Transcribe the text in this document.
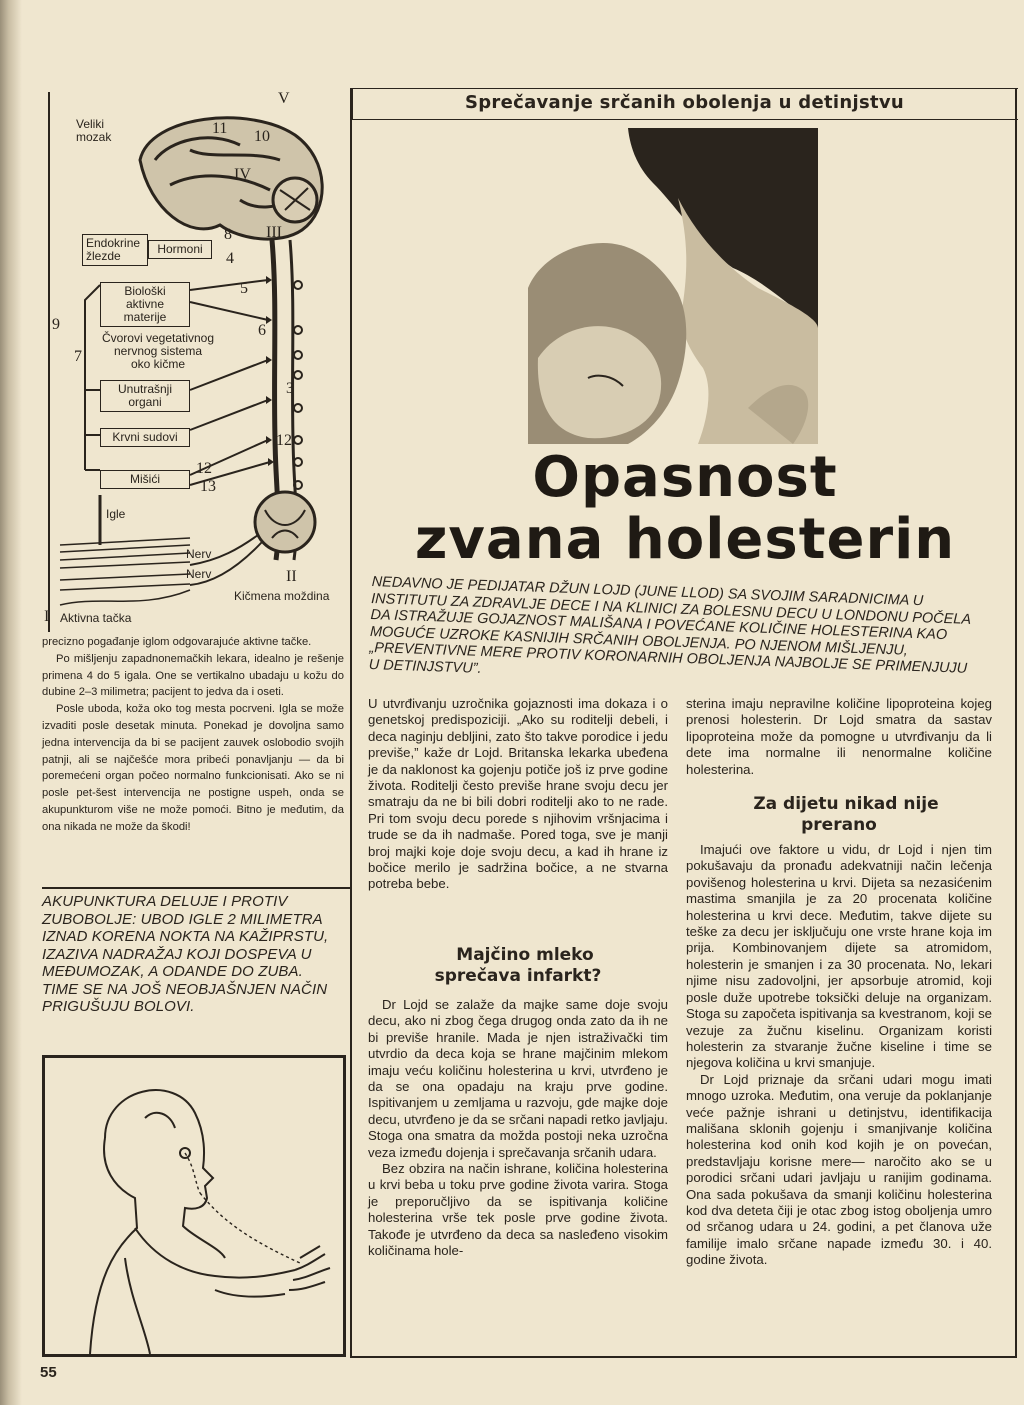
Veliki
mozak
Endokrine
žlezde	Hormoni
Biološki
aktivne
materije
Čvorovi vegetativnog
nervnog sistema
oko kičme
Unutrašnji
organi
Krvni sudovi
Mišići
Igle
Nerv
Nerv
Kičmena moždina
Aktivna tačka
V
11 10
IV
III
8
4
5
9	6
7
3
12
12
13
II
I

precizno pogađanje iglom odgovarajuće aktivne tačke.

Po mišljenju zapadnonemačkih lekara, idealno je rešenje primena 4 do 5 igala. One se vertikalno ubadaju u kožu do dubine 2–3 milimetra; pacijent to jedva da i oseti.

Posle uboda, koža oko tog mesta pocrveni. Igla se može izvaditi posle desetak minuta. Ponekad je dovoljna samo jedna intervencija da bi se pacijent zauvek oslobodio svojih patnji, ali se najčešće mora pribeći ponavljanju — da bi poremećeni organ počeo normalno funkcionisati. Ako se ni posle pet-šest intervencija ne postigne uspeh, onda se akupunkturom više ne može pomoći. Bitno je međutim, da ona nikada ne može da škodi!

AKUPUNKTURA DELUJE I PROTIV ZUBOBOLJE: UBOD IGLE 2 MILIMETRA IZNAD KORENA NOKTA NA KAŽIPRSTU, IZAZIVA NADRAŽAJ KOJI DOSPEVA U MEĐUMOZAK, A ODANDE DO ZUBA. TIME SE NA JOŠ NEOBJAŠNJEN NAČIN PRIGUŠUJU BOLOVI.

55
Sprečavanje srčanih obolenja u detinjstvu
Opasnost
zvana holesterin

NEDAVNO JE PEDIJATAR DŽUN LOJD (JUNE LLOD) SA SVOJIM SARADNICIMA U INSTITUTU ZA ZDRAVLJE DECE I NA KLINICI ZA BOLESNU DECU U LONDONU POČELA DA ISTRAŽUJE GOJAZNOST MALIŠANA I POVEĆANE KOLIČINE HOLESTERINA KAO MOGUĆE UZROKE KASNIJIH SRČANIH OBOLJENJA. PO NJENOM MIŠLJENJU, „PREVENTIVNE MERE PROTIV KORONARNIH OBOLJENJA NAJBOLJE SE PRIMENJUJU U DETINJSTVU”.

U utvrđivanju uzročnika gojaznosti ima dokaza i o genetskoj predispoziciji. „Ako su roditelji debeli, i deca naginju debljini, zato što takve porodice i jedu previše,” kaže dr Lojd. Britanska lekarka ubeđena je da naklonost ka gojenju potiče još iz prve godine života. Roditelji često previše hrane svoju decu jer smatraju da ne bi bili dobri roditelji ako to ne rade. Pri tom svoju decu porede s njihovim vršnjacima i trude se da ih nadmaše. Pored toga, sve je manji broj majki koje doje svoju decu, a kad ih hrane iz bočice merilo je sadržina bočice, a ne stvarna potreba bebe.

Majčino mleko sprečava infarkt?

Dr Lojd se zalaže da majke same doje svoju decu, ako ni zbog čega drugog onda zato da ih ne bi previše hranile. Mada je njen istraživački tim utvrdio da deca koja se hrane majčinim mlekom imaju veću količinu holesterina u krvi, utvrđeno je da se ona opadaju na kraju prve godine. Ispitivanjem u zemljama u razvoju, gde majke doje decu, utvrđeno je da se srčani napadi retko javljaju. Stoga ona smatra da možda postoji neka uzročna veza između dojenja i sprečavanja srčanih udara.

Bez obzira na način ishrane, količina holesterina u krvi beba u toku prve godine života varira. Stoga je preporučljivo da se ispitivanja količine holesterina vrše tek posle prve godine života. Takođe je utvrđeno da deca sa nasleđeno visokim količinama hole-

sterina imaju nepravilne količine lipoproteina kojeg prenosi holesterin. Dr Lojd smatra da sastav lipoproteina može da pomogne u utvrđivanju da li dete ima normalne ili nenormalne količine holesterina.

Za dijetu nikad nije prerano

Imajući ove faktore u vidu, dr Lojd i njen tim pokušavaju da pronađu adekvatniji način lečenja povišenog holesterina u krvi. Dijeta sa nezasićenim mastima smanjila je za 20 procenata količine holesterina u krvi dece. Međutim, takve dijete su teške za decu jer isključuju one vrste hrane koja im prija. Kombinovanjem dijete sa atromidom, holesterin je smanjen i za 30 procenata. No, lekari njime nisu zadovoljni, jer apsorbuje atromid, koji posle duže upotrebe toksički deluje na organizam. Stoga su započeta ispitivanja sa kvestranom, koji se vezuje za žučnu kiselinu. Organizam koristi holesterin za stvaranje žučne kiseline i time se njegova količina u krvi smanjuje.

Dr Lojd priznaje da srčani udari mogu imati mnogo uzroka. Međutim, ona veruje da poklanjanje veće pažnje ishrani u detinjstvu, identifikacija mališana sklonih gojenju i smanjivanje količina holesterina kod onih kod kojih je on povećan, predstavljaju korisne mere— naročito ako se u porodici srčani udari javljaju u ranijim godinama. Ona sada pokušava da smanji količinu holesterina kod dva deteta čiji je otac zbog istog oboljenja umro od srčanog udara u 24. godini, a pet članova uže familije imalo srčane napade između 30. i 40. godine života.
